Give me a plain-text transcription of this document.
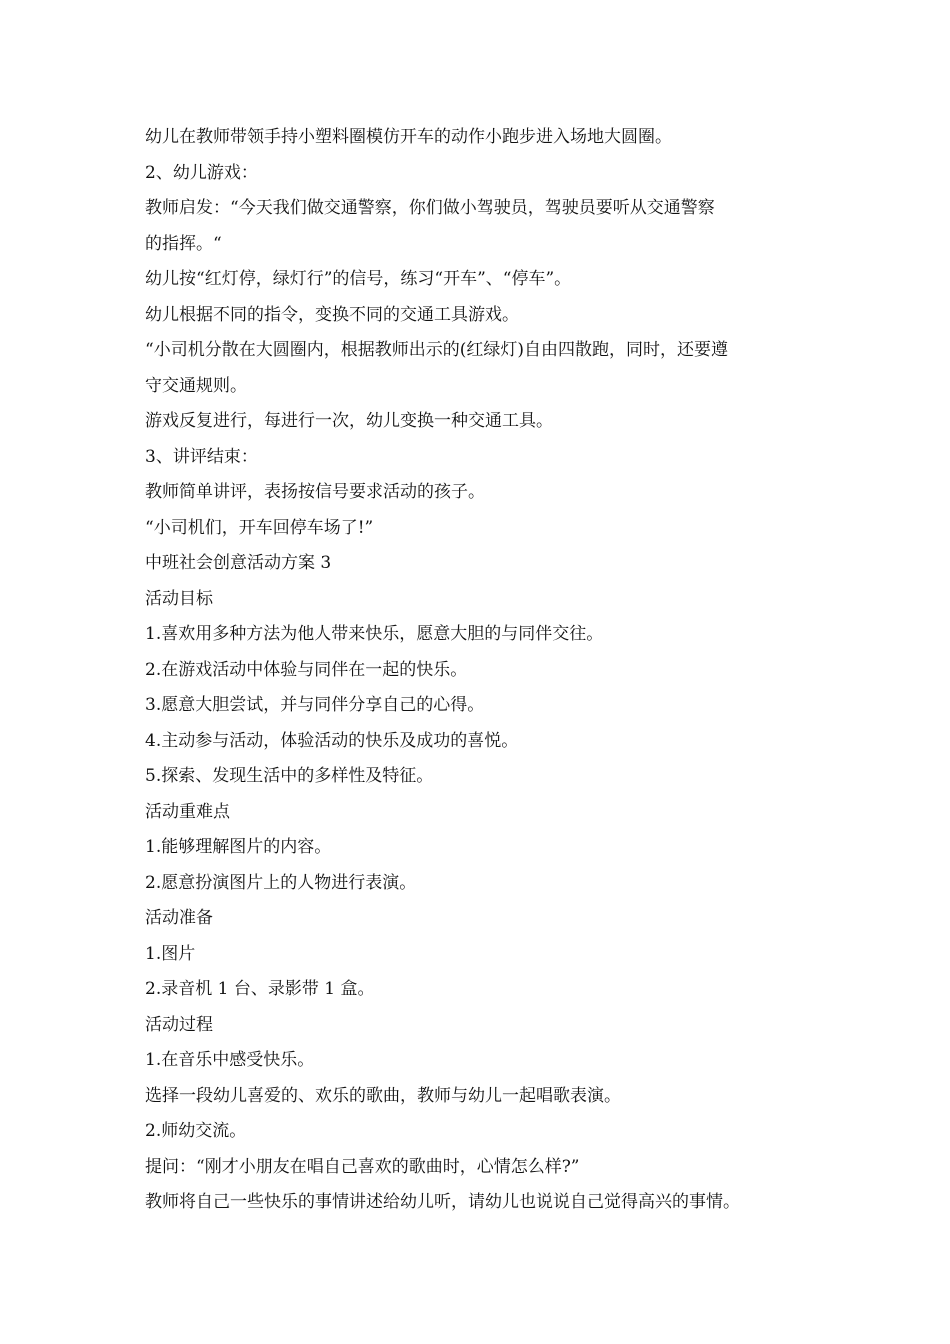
幼儿在教师带领手持小塑料圈模仿开车的动作小跑步进入场地大圆圈。
2、幼儿游戏：
教师启发：“今天我们做交通警察，你们做小驾驶员，驾驶员要听从交通警察
的指挥。“
幼儿按“红灯停，绿灯行”的信号，练习“开车”、“停车”。
幼儿根据不同的指令，变换不同的交通工具游戏。
“小司机分散在大圆圈内，根据教师出示的(红绿灯)自由四散跑，同时，还要遵
守交通规则。
游戏反复进行，每进行一次，幼儿变换一种交通工具。
3、讲评结束：
教师简单讲评，表扬按信号要求活动的孩子。
“小司机们，开车回停车场了!”
中班社会创意活动方案 3
活动目标
1.喜欢用多种方法为他人带来快乐，愿意大胆的与同伴交往。
2.在游戏活动中体验与同伴在一起的快乐。
3.愿意大胆尝试，并与同伴分享自己的心得。
4.主动参与活动，体验活动的快乐及成功的喜悦。
5.探索、发现生活中的多样性及特征。
活动重难点
1.能够理解图片的内容。
2.愿意扮演图片上的人物进行表演。
活动准备
1.图片
2.录音机 1 台、录影带 1 盒。
活动过程
1.在音乐中感受快乐。
选择一段幼儿喜爱的、欢乐的歌曲，教师与幼儿一起唱歌表演。
2.师幼交流。
提问：“刚才小朋友在唱自己喜欢的歌曲时，心情怎么样?”
教师将自己一些快乐的事情讲述给幼儿听，请幼儿也说说自己觉得高兴的事情。
